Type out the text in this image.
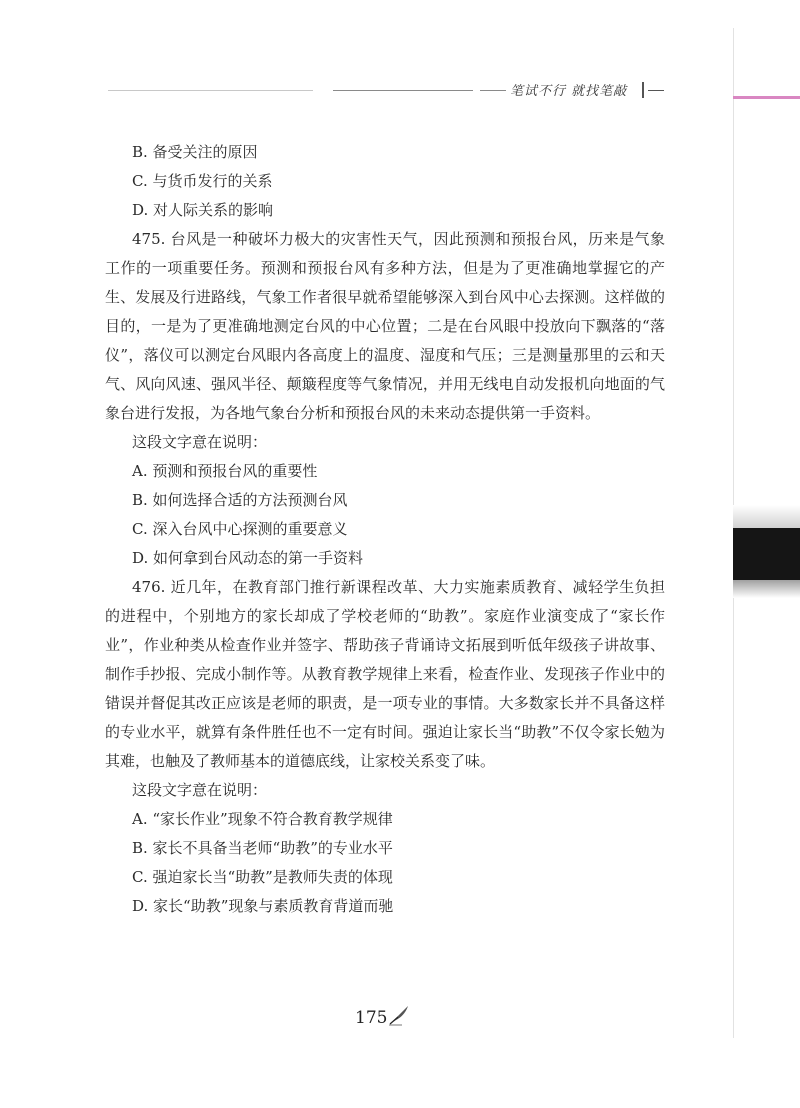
笔试不行 就找笔敲

B. 备受关注的原因

C. 与货币发行的关系

D. 对人际关系的影响

475. 台风是一种破坏力极大的灾害性天气，因此预测和预报台风，历来是气象工作的一项重要任务。预测和预报台风有多种方法，但是为了更准确地掌握它的产生、发展及行进路线，气象工作者很早就希望能够深入到台风中心去探测。这样做的目的，一是为了更准确地测定台风的中心位置；二是在台风眼中投放向下飘落的“落仪”，落仪可以测定台风眼内各高度上的温度、湿度和气压；三是测量那里的云和天气、风向风速、强风半径、颠簸程度等气象情况，并用无线电自动发报机向地面的气象台进行发报，为各地气象台分析和预报台风的未来动态提供第一手资料。

这段文字意在说明：

A. 预测和预报台风的重要性

B. 如何选择合适的方法预测台风

C. 深入台风中心探测的重要意义

D. 如何拿到台风动态的第一手资料

476. 近几年，在教育部门推行新课程改革、大力实施素质教育、减轻学生负担的进程中，个别地方的家长却成了学校老师的“助教”。家庭作业演变成了“家长作业”，作业种类从检查作业并签字、帮助孩子背诵诗文拓展到听低年级孩子讲故事、制作手抄报、完成小制作等。从教育教学规律上来看，检查作业、发现孩子作业中的错误并督促其改正应该是老师的职责，是一项专业的事情。大多数家长并不具备这样的专业水平，就算有条件胜任也不一定有时间。强迫让家长当“助教”不仅令家长勉为其难，也触及了教师基本的道德底线，让家校关系变了味。

这段文字意在说明：

A. “家长作业”现象不符合教育教学规律

B. 家长不具备当老师“助教”的专业水平

C. 强迫家长当“助教”是教师失责的体现

D. 家长“助教”现象与素质教育背道而驰

175
